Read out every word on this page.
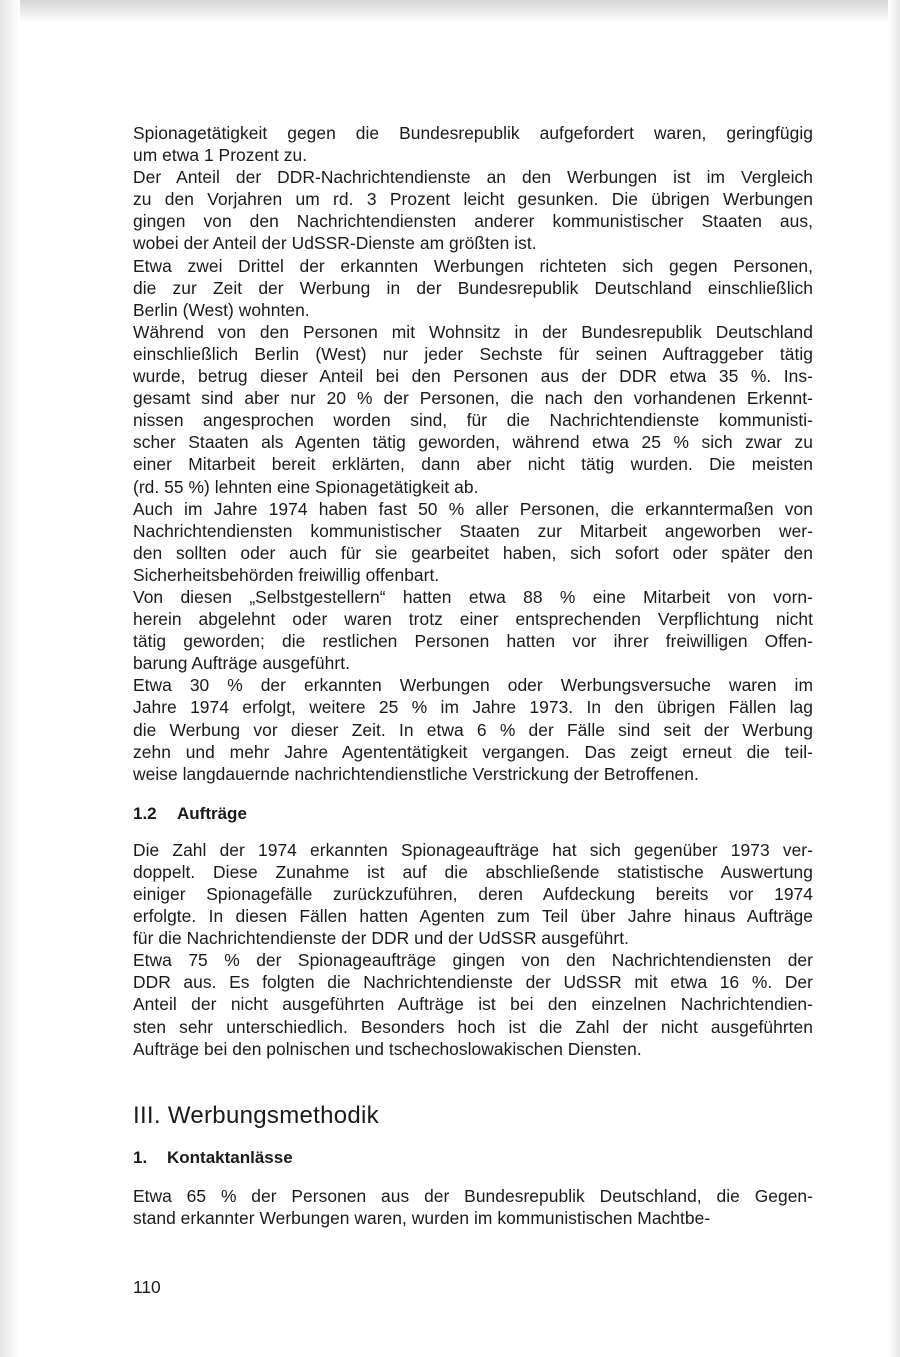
Spionagetätigkeit gegen die Bundesrepublik aufgefordert waren, geringfügig
um etwa 1 Prozent zu.
Der Anteil der DDR-Nachrichtendienste an den Werbungen ist im Vergleich
zu den Vorjahren um rd. 3 Prozent leicht gesunken. Die übrigen Werbungen
gingen von den Nachrichtendiensten anderer kommunistischer Staaten aus,
wobei der Anteil der UdSSR-Dienste am größten ist.
Etwa zwei Drittel der erkannten Werbungen richteten sich gegen Personen,
die zur Zeit der Werbung in der Bundesrepublik Deutschland einschließlich
Berlin (West) wohnten.
Während von den Personen mit Wohnsitz in der Bundesrepublik Deutschland
einschließlich Berlin (West) nur jeder Sechste für seinen Auftraggeber tätig
wurde, betrug dieser Anteil bei den Personen aus der DDR etwa 35 %. Ins-
gesamt sind aber nur 20 % der Personen, die nach den vorhandenen Erkennt-
nissen angesprochen worden sind, für die Nachrichtendienste kommunisti-
scher Staaten als Agenten tätig geworden, während etwa 25 % sich zwar zu
einer Mitarbeit bereit erklärten, dann aber nicht tätig wurden. Die meisten
(rd. 55 %) lehnten eine Spionagetätigkeit ab.
Auch im Jahre 1974 haben fast 50 % aller Personen, die erkanntermaßen von
Nachrichtendiensten kommunistischer Staaten zur Mitarbeit angeworben wer-
den sollten oder auch für sie gearbeitet haben, sich sofort oder später den
Sicherheitsbehörden freiwillig offenbart.
Von diesen „Selbstgestellern“ hatten etwa 88 % eine Mitarbeit von vorn-
herein abgelehnt oder waren trotz einer entsprechenden Verpflichtung nicht
tätig geworden; die restlichen Personen hatten vor ihrer freiwilligen Offen-
barung Aufträge ausgeführt.
Etwa 30 % der erkannten Werbungen oder Werbungsversuche waren im
Jahre 1974 erfolgt, weitere 25 % im Jahre 1973. In den übrigen Fällen lag
die Werbung vor dieser Zeit. In etwa 6 % der Fälle sind seit der Werbung
zehn und mehr Jahre Agententätigkeit vergangen. Das zeigt erneut die teil-
weise langdauernde nachrichtendienstliche Verstrickung der Betroffenen.
1.2 Aufträge
Die Zahl der 1974 erkannten Spionageaufträge hat sich gegenüber 1973 ver-
doppelt. Diese Zunahme ist auf die abschließende statistische Auswertung
einiger Spionagefälle zurückzuführen, deren Aufdeckung bereits vor 1974
erfolgte. In diesen Fällen hatten Agenten zum Teil über Jahre hinaus Aufträge
für die Nachrichtendienste der DDR und der UdSSR ausgeführt.
Etwa 75 % der Spionageaufträge gingen von den Nachrichtendiensten der
DDR aus. Es folgten die Nachrichtendienste der UdSSR mit etwa 16 %. Der
Anteil der nicht ausgeführten Aufträge ist bei den einzelnen Nachrichtendien-
sten sehr unterschiedlich. Besonders hoch ist die Zahl der nicht ausgeführten
Aufträge bei den polnischen und tschechoslowakischen Diensten.
III. Werbungsmethodik
1. Kontaktanlässe
Etwa 65 % der Personen aus der Bundesrepublik Deutschland, die Gegen-
stand erkannter Werbungen waren, wurden im kommunistischen Machtbe-
110
